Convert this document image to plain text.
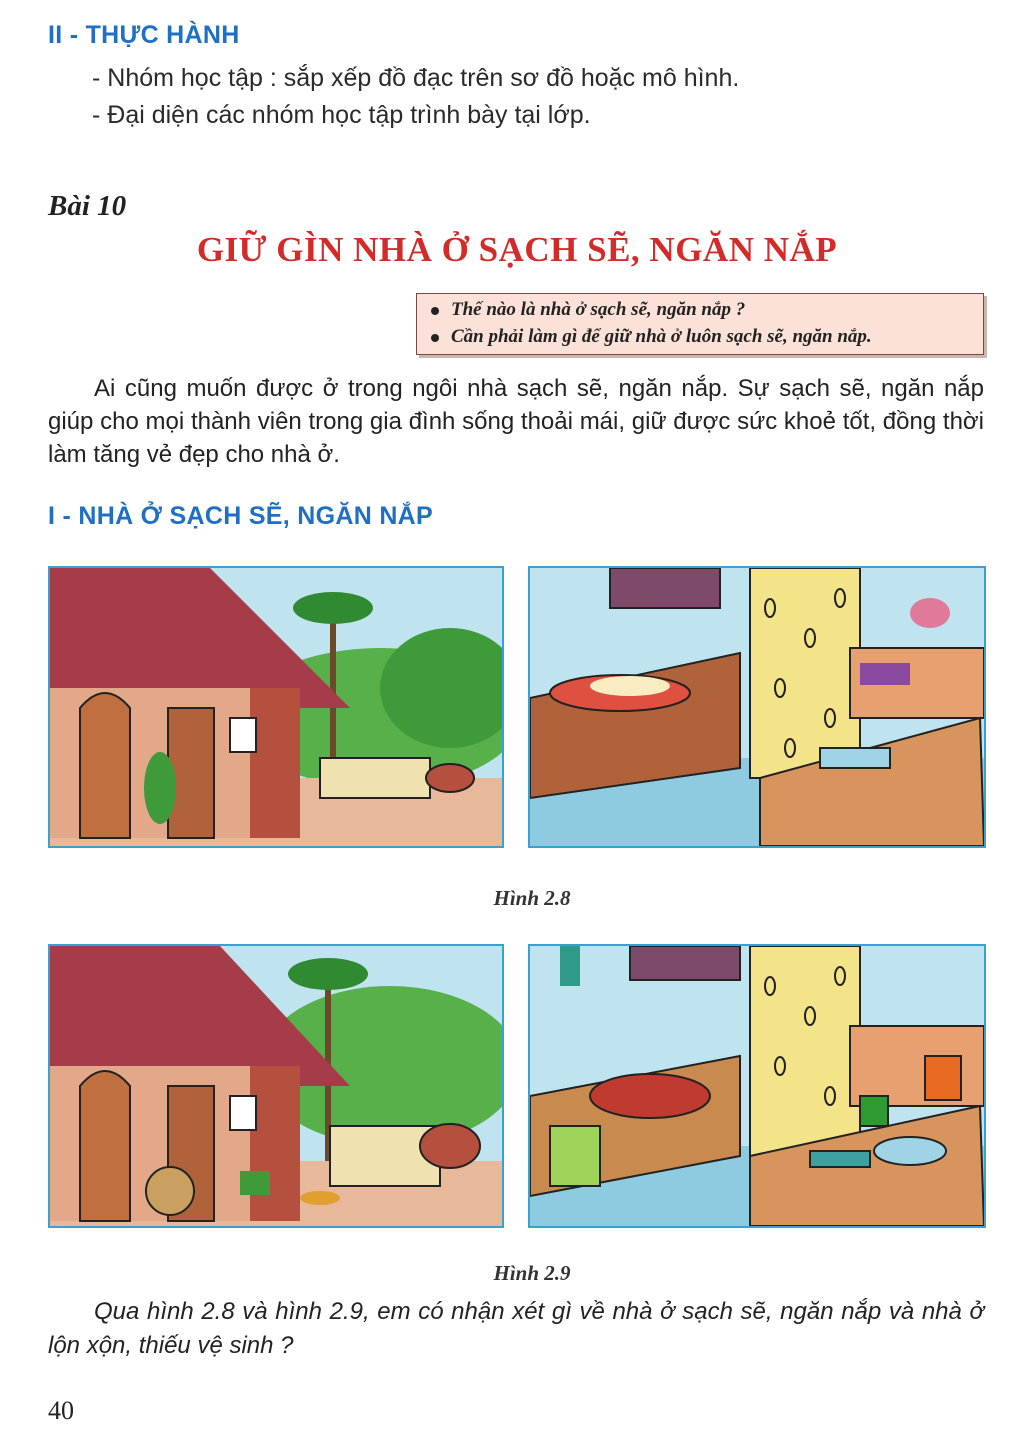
II - THỰC HÀNH
- Nhóm học tập : sắp xếp đồ đạc trên sơ đồ hoặc mô hình.
- Đại diện các nhóm học tập trình bày tại lớp.
Bài 10
GIỮ GÌN NHÀ Ở SẠCH SẼ, NGĂN NẮP
Thế nào là nhà ở sạch sẽ, ngăn nắp ?
Cần phải làm gì để giữ nhà ở luôn sạch sẽ, ngăn nắp.
Ai cũng muốn được ở trong ngôi nhà sạch sẽ, ngăn nắp. Sự sạch sẽ, ngăn nắp giúp cho mọi thành viên trong gia đình sống thoải mái, giữ được sức khoẻ tốt, đồng thời làm tăng vẻ đẹp cho nhà ở.
I - NHÀ Ở SẠCH SẼ, NGĂN NẮP
Hình 2.8
Hình 2.9
Qua hình 2.8 và hình 2.9, em có nhận xét gì về nhà ở sạch sẽ, ngăn nắp và nhà ở lộn xộn, thiếu vệ sinh ?
40
